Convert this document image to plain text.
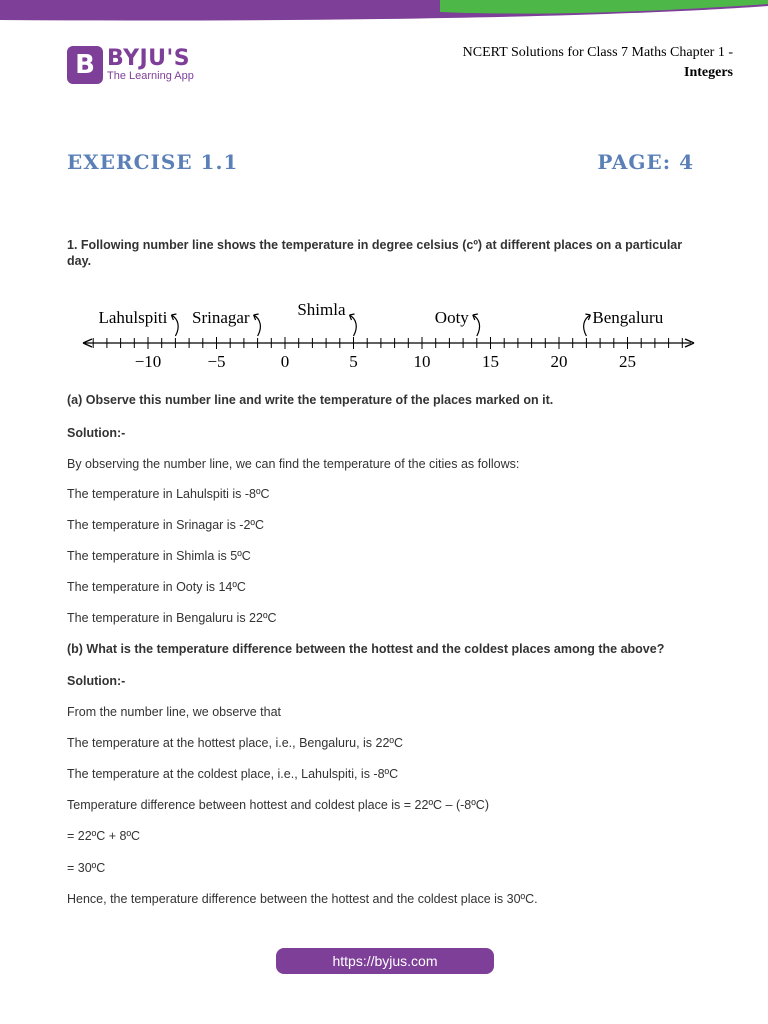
B BYJU'S
The Learning App
NCERT Solutions for Class 7 Maths Chapter 1 -
Integers
EXERCISE 1.1	PAGE: 4
1. Following number line shows the temperature in degree celsius (cº) at different places on a particular day.
−10	−5	0	5	10	15	20	25
Lahulspiti Srinagar	Shimla	Ooty	Bengaluru
(a) Observe this number line and write the temperature of the places marked on it.
Solution:-
By observing the number line, we can find the temperature of the cities as follows:
The temperature in Lahulspiti is -8ºC
The temperature in Srinagar is -2ºC
The temperature in Shimla is 5ºC
The temperature in Ooty is 14ºC
The temperature in Bengaluru is 22ºC
(b) What is the temperature difference between the hottest and the coldest places among the above?
Solution:-
From the number line, we observe that
The temperature at the hottest place, i.e., Bengaluru, is 22ºC
The temperature at the coldest place, i.e., Lahulspiti, is -8ºC
Temperature difference between hottest and coldest place is = 22ºC – (-8ºC)
= 22ºC + 8ºC
= 30ºC
Hence, the temperature difference between the hottest and the coldest place is 30ºC.
https://byjus.com
